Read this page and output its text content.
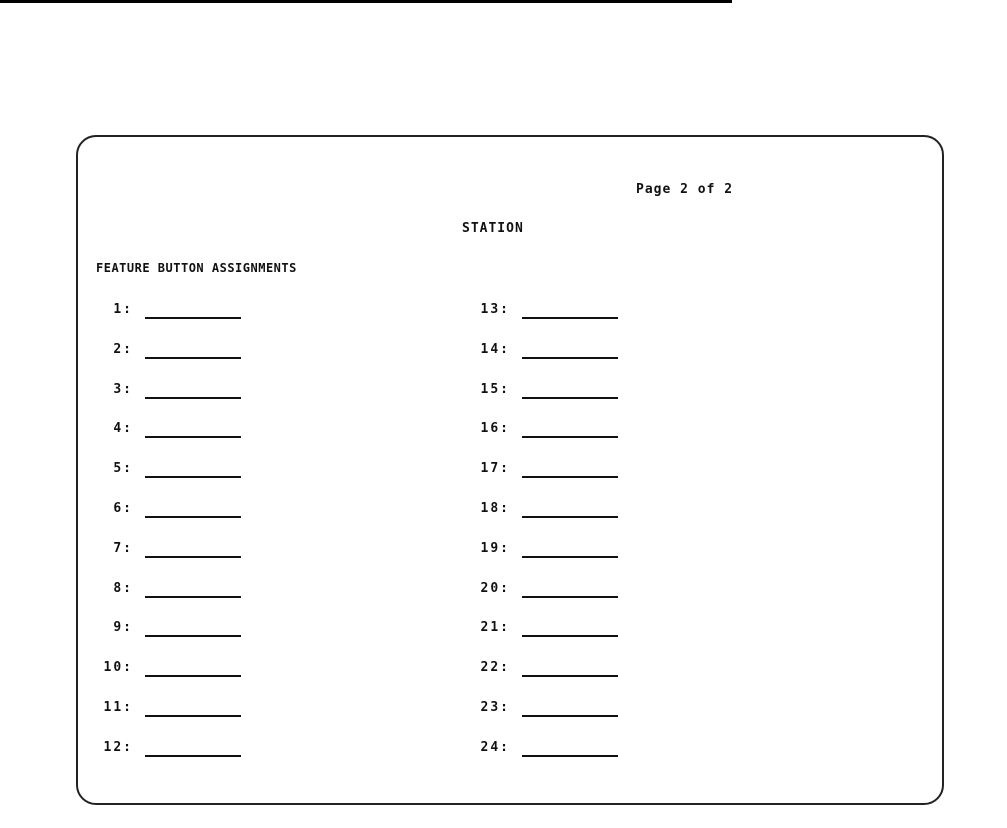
Page 2 of 2
STATION
FEATURE BUTTON ASSIGNMENTS
1:
2:
3:
4:
5:
6:
7:
8:
9:
10:
11:
12:
13:
14:
15:
16:
17:
18:
19:
20:
21:
22:
23:
24:
